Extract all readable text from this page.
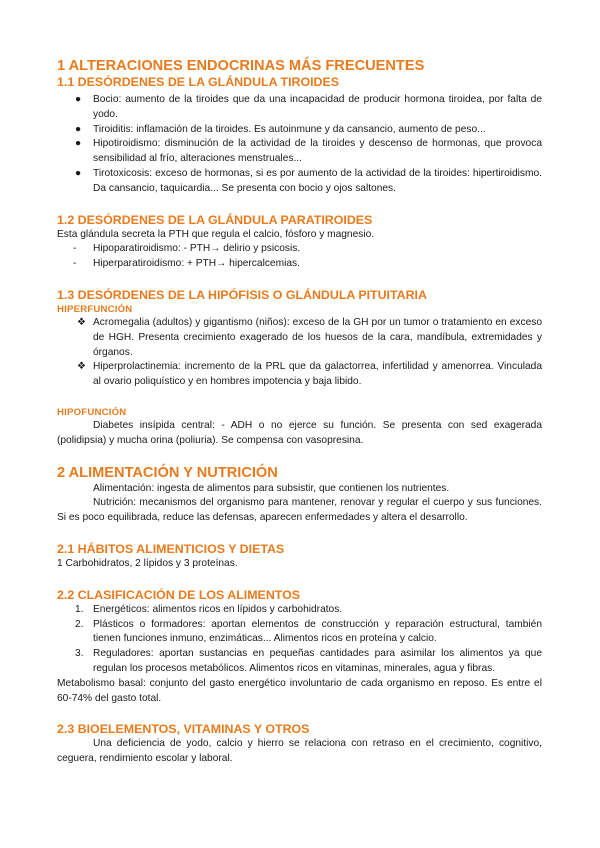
1 ALTERACIONES ENDOCRINAS MÁS FRECUENTES
1.1 DESÓRDENES DE LA GLÁNDULA TIROIDES
● Bocio: aumento de la tiroides que da una incapacidad de producir hormona tiroidea, por falta de yodo.
● Tiroiditis: inflamación de la tiroides. Es autoinmune y da cansancio, aumento de peso...
● Hipotiroidismo: disminución de la actividad de la tiroides y descenso de hormonas, que provoca sensibilidad al frío, alteraciones menstruales...
● Tirotoxicosis: exceso de hormonas, si es por aumento de la actividad de la tiroides: hipertiroidismo. Da cansancio, taquicardia... Se presenta con bocio y ojos saltones.
1.2 DESÓRDENES DE LA GLÁNDULA PARATIROIDES

Esta glándula secreta la PTH que regula el calcio, fósforo y magnesio.

- Hipoparatiroidismo: - PTH→ delirio y psicosis.
- Hiperparatiroidismo: + PTH→ hipercalcemias.
1.3 DESÓRDENES DE LA HIPÓFISIS O GLÁNDULA PITUITARIA
HIPERFUNCIÓN
❖ Acromegalia (adultos) y gigantismo (niños): exceso de la GH por un tumor o tratamiento en exceso de HGH. Presenta crecimiento exagerado de los huesos de la cara, mandíbula, extremidades y órganos.
❖ Hiperprolactinemia: incremento de la PRL que da galactorrea, infertilidad y amenorrea. Vinculada al ovario poliquístico y en hombres impotencia y baja libido.
HIPOFUNCIÓN

Diabetes insípida central: - ADH o no ejerce su función. Se presenta con sed exagerada (polidipsia) y mucha orina (poliuria). Se compensa con vasopresina.

2 ALIMENTACIÓN Y NUTRICIÓN

Alimentación: ingesta de alimentos para subsistir, que contienen los nutrientes.

Nutrición: mecanismos del organismo para mantener, renovar y regular el cuerpo y sus funciones. Si es poco equilibrada, reduce las defensas, aparecen enfermedades y altera el desarrollo.

2.1 HÁBITOS ALIMENTICIOS Y DIETAS

1 Carbohidratos, 2 lípidos y 3 proteínas.

2.2 CLASIFICACIÓN DE LOS ALIMENTOS
1. Energéticos: alimentos ricos en lípidos y carbohidratos.
2. Plásticos o formadores: aportan elementos de construcción y reparación estructural, también tienen funciones inmuno, enzimáticas... Alimentos ricos en proteína y calcio.
3. Reguladores: aportan sustancias en pequeñas cantidades para asimilar los alimentos ya que regulan los procesos metabólicos. Alimentos ricos en vitaminas, minerales, agua y fibras.

Metabolismo basal: conjunto del gasto energético involuntario de cada organismo en reposo. Es entre el 60-74% del gasto total.

2.3 BIOELEMENTOS, VITAMINAS Y OTROS

Una deficiencia de yodo, calcio y hierro se relaciona con retraso en el crecimiento, cognitivo, ceguera, rendimiento escolar y laboral.
